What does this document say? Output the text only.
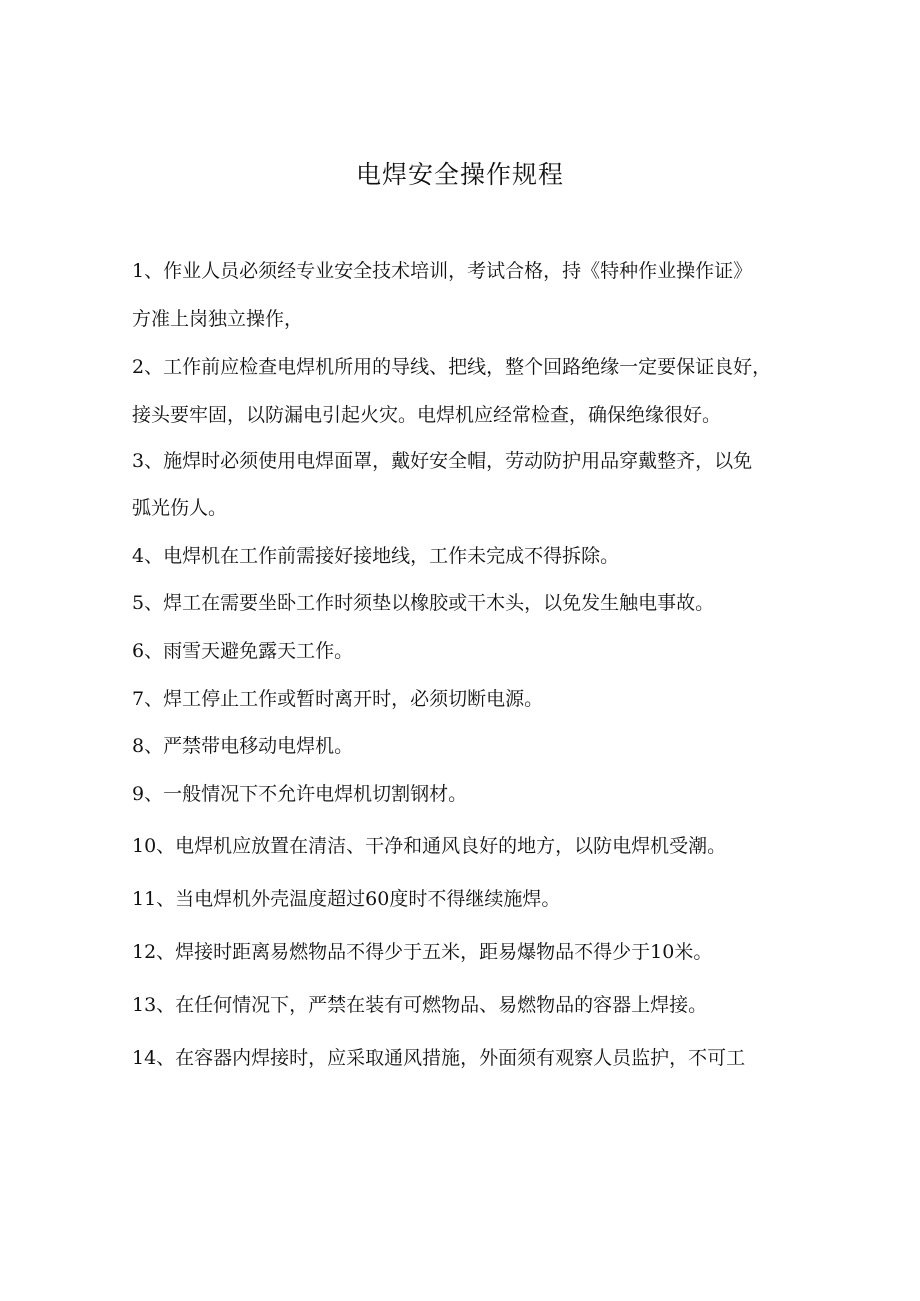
电焊安全操作规程
1、作业人员必须经专业安全技术培训，考试合格，持《特种作业操作证》
方准上岗独立操作，
2、工作前应检查电焊机所用的导线、把线，整个回路绝缘一定要保证良好，
接头要牢固，以防漏电引起火灾。电焊机应经常检查，确保绝缘很好。
3、施焊时必须使用电焊面罩，戴好安全帽，劳动防护用品穿戴整齐，以免
弧光伤人。
4、电焊机在工作前需接好接地线，工作未完成不得拆除。
5、焊工在需要坐卧工作时须垫以橡胶或干木头，以免发生触电事故。
6、雨雪天避免露天工作。
7、焊工停止工作或暂时离开时，必须切断电源。
8、严禁带电移动电焊机。
9、一般情况下不允许电焊机切割钢材。
10、电焊机应放置在清洁、干净和通风良好的地方，以防电焊机受潮。
11、当电焊机外壳温度超过60度时不得继续施焊。
12、焊接时距离易燃物品不得少于五米，距易爆物品不得少于10米。
13、在任何情况下，严禁在装有可燃物品、易燃物品的容器上焊接。
14、在容器内焊接时，应采取通风措施，外面须有观察人员监护，不可工
